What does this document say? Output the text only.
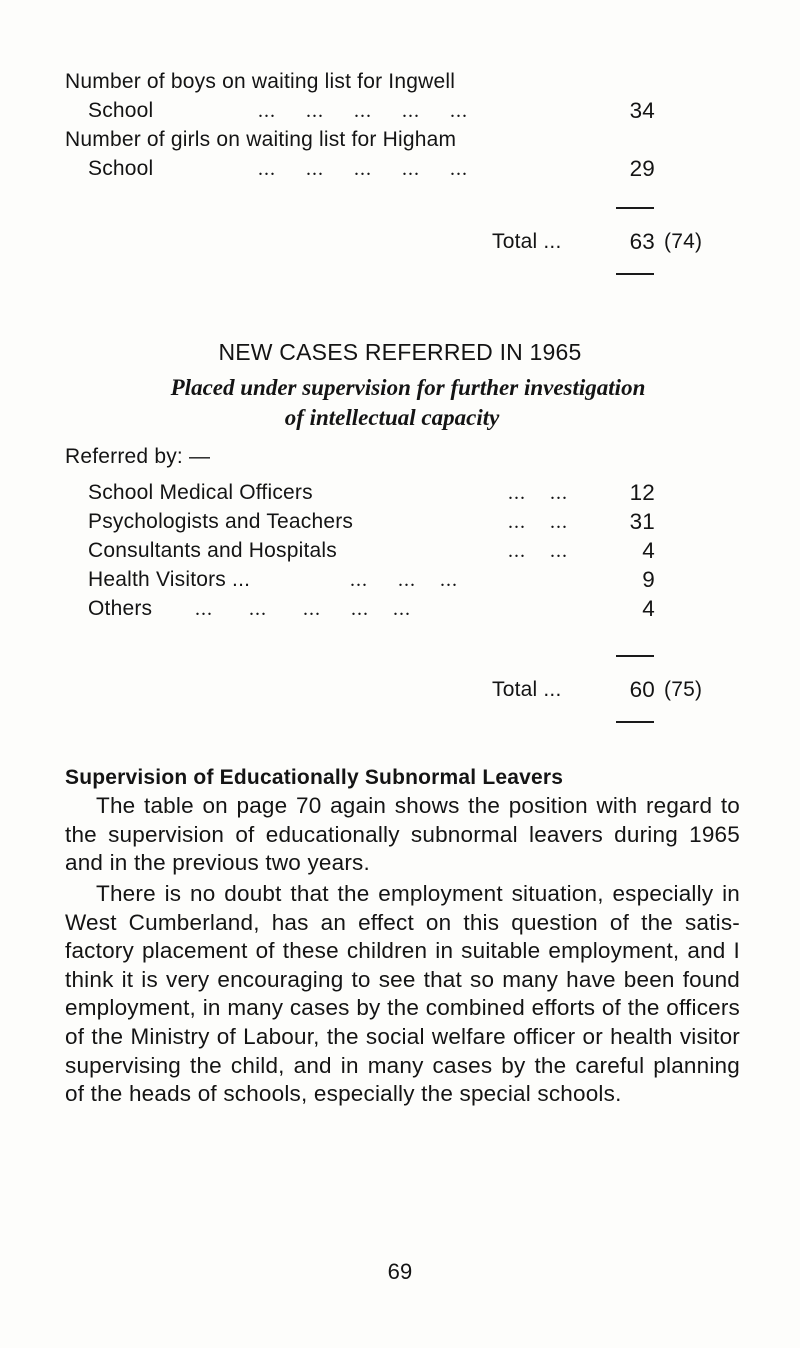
Number of boys on waiting list for Ingwell
School	...     ...     ...     ...     ...	34
Number of girls on waiting list for Higham
School	...     ...     ...     ...     ...	29
Total ...	63 (74)
NEW CASES REFERRED IN 1965
Placed under supervision for further investigation
of intellectual capacity
Referred by: —
School Medical Officers	...    ...	12
Psychologists and Teachers	...    ...	31
Consultants and Hospitals	...    ...	4
Health Visitors ...	...     ...    ...	9
Others ...      ...      ...     ...    ...	4
Total ...	60 (75)
Supervision of Educationally Subnormal Leavers
The table on page 70 again shows the position with regard to the supervision of educationally subnormal leavers during 1965 and in the previous two years.
There is no doubt that the employment situation, especially in West Cumberland, has an effect on this question of the satis-factory placement of these children in suitable employment, and I think it is very encouraging to see that so many have been found employment, in many cases by the combined efforts of the officers of the Ministry of Labour, the social welfare officer or health visitor supervising the child, and in many cases by the careful planning of the heads of schools, especially the special schools.
69
